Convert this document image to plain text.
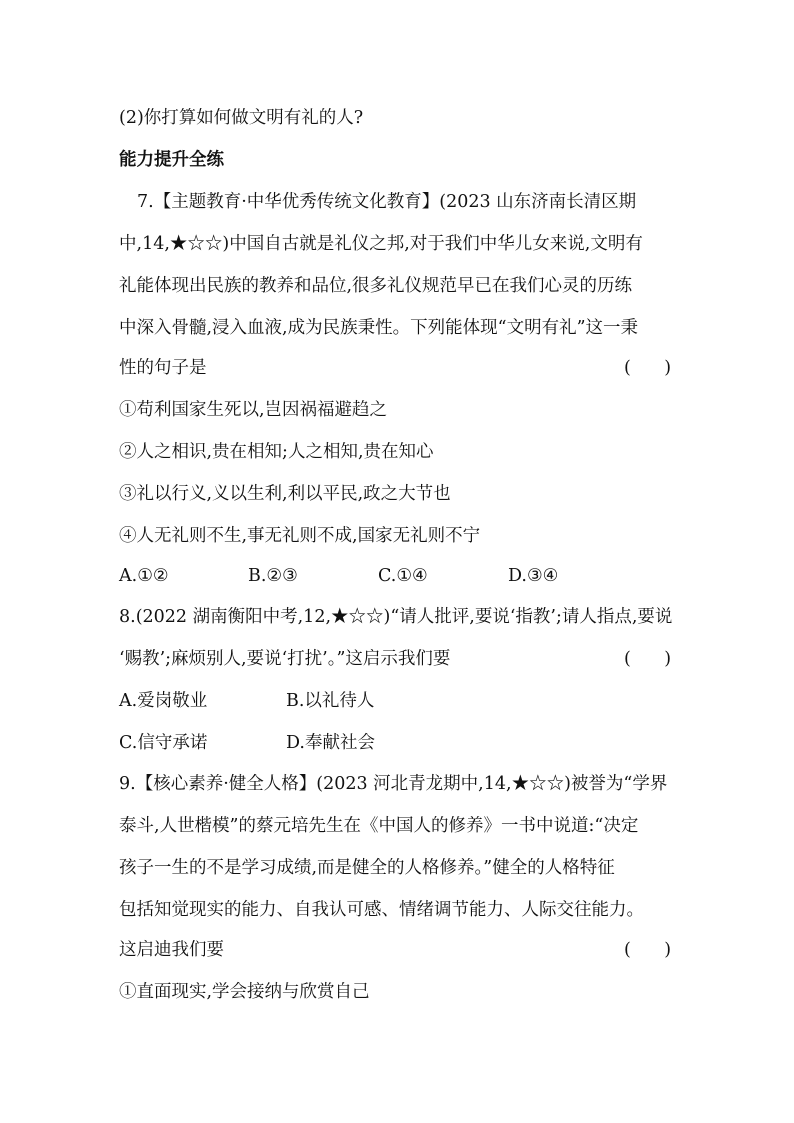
(2)你打算如何做文明有礼的人?
能力提升全练
7.【主题教育·中华优秀传统文化教育】(2023 山东济南长清区期
中,14,★☆☆)中国自古就是礼仪之邦,对于我们中华儿女来说,文明有
礼能体现出民族的教养和品位,很多礼仪规范早已在我们心灵的历练
中深入骨髓,浸入血液,成为民族秉性。下列能体现“文明有礼”这一秉
性的句子是	(      )
①苟利国家生死以,岂因祸福避趋之
②人之相识,贵在相知;人之相知,贵在知心
③礼以行义,义以生利,利以平民,政之大节也
④人无礼则不生,事无礼则不成,国家无礼则不宁
A.①②	B.②③	C.①④	D.③④
8.(2022 湖南衡阳中考,12,★☆☆)“请人批评,要说‘指教’;请人指点,要说
‘赐教’;麻烦别人,要说‘打扰’。”这启示我们要	(      )
A.爱岗敬业	B.以礼待人
C.信守承诺	D.奉献社会
9.【核心素养·健全人格】(2023 河北青龙期中,14,★☆☆)被誉为“学界
泰斗,人世楷模”的蔡元培先生在《中国人的修养》一书中说道:“决定
孩子一生的不是学习成绩,而是健全的人格修养。”健全的人格特征
包括知觉现实的能力、自我认可感、情绪调节能力、人际交往能力。
这启迪我们要	(      )
①直面现实,学会接纳与欣赏自己
